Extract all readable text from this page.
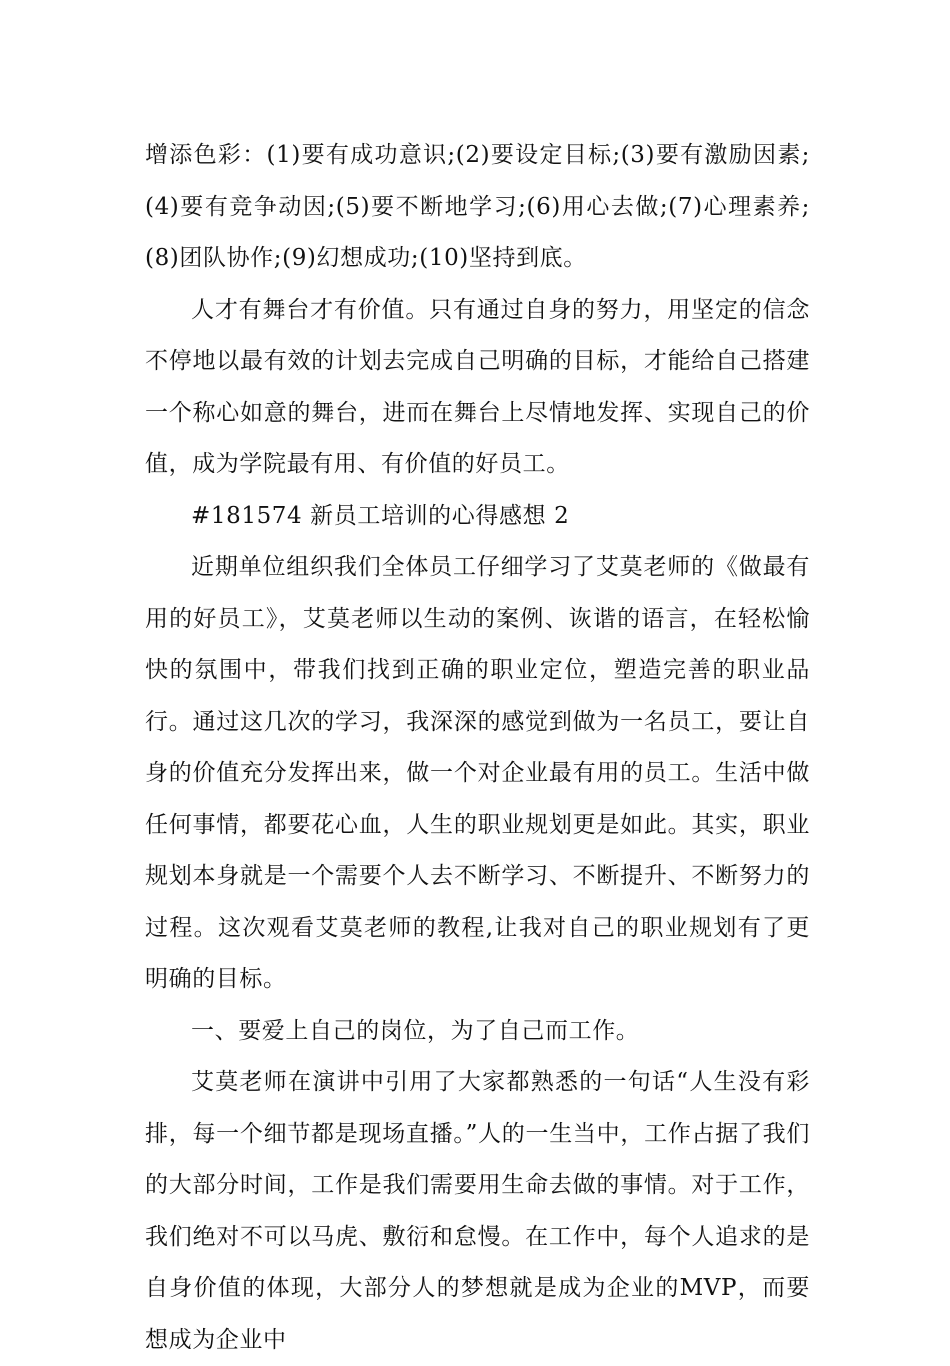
增添色彩：(1)要有成功意识;(2)要设定目标;(3)要有激励因素;(4)要有竞争动因;(5)要不断地学习;(6)用心去做;(7)心理素养;(8)团队协作;(9)幻想成功;(10)坚持到底。

人才有舞台才有价值。只有通过自身的努力，用坚定的信念不停地以最有效的计划去完成自己明确的目标，才能给自己搭建一个称心如意的舞台，进而在舞台上尽情地发挥、实现自己的价值，成为学院最有用、有价值的好员工。

#181574 新员工培训的心得感想 2

近期单位组织我们全体员工仔细学习了艾莫老师的《做最有用的好员工》，艾莫老师以生动的案例、诙谐的语言，在轻松愉快的氛围中，带我们找到正确的职业定位，塑造完善的职业品行。通过这几次的学习，我深深的感觉到做为一名员工，要让自身的价值充分发挥出来，做一个对企业最有用的员工。生活中做任何事情，都要花心血，人生的职业规划更是如此。其实，职业规划本身就是一个需要个人去不断学习、不断提升、不断努力的过程。这次观看艾莫老师的教程,让我对自己的职业规划有了更明确的目标。

一、要爱上自己的岗位，为了自己而工作。

艾莫老师在演讲中引用了大家都熟悉的一句话“人生没有彩排，每一个细节都是现场直播。”人的一生当中，工作占据了我们的大部分时间，工作是我们需要用生命去做的事情。对于工作，我们绝对不可以马虎、敷衍和怠慢。在工作中，每个人追求的是自身价值的体现，大部分人的梦想就是成为企业的MVP，而要想成为企业中
